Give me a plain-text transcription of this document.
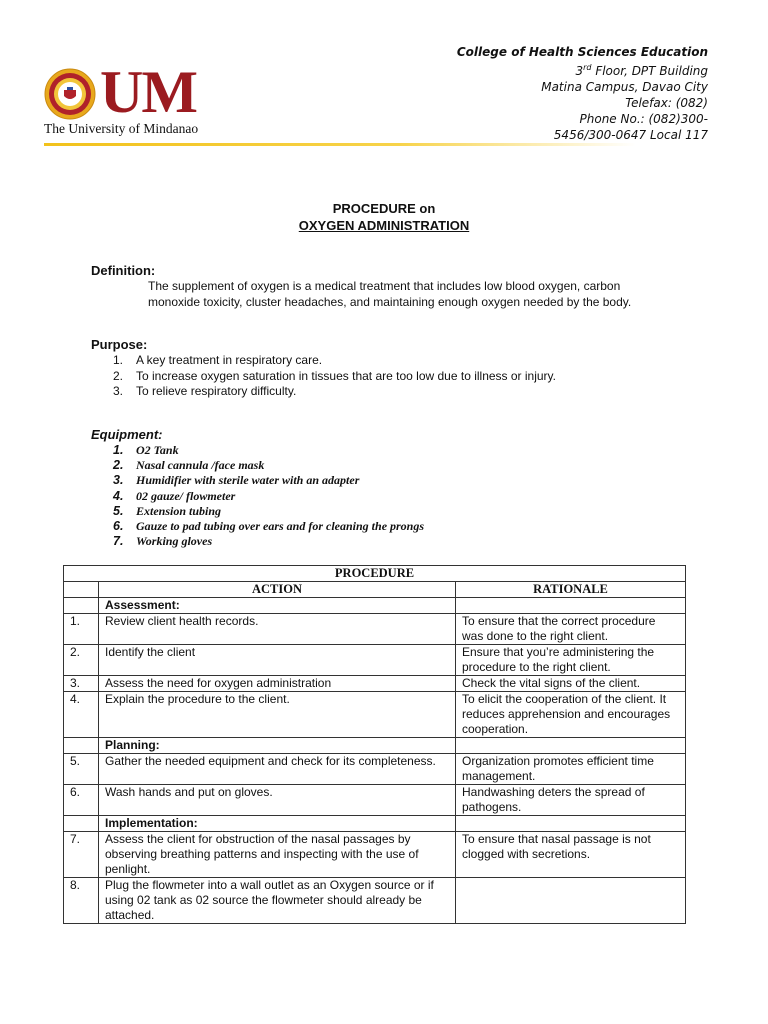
UM
The University of Mindanao
College of Health Sciences Education
3rd Floor, DPT Building
Matina Campus, Davao City
Telefax: (082)
Phone No.: (082)300-
5456/300-0647 Local 117
PROCEDURE on
OXYGEN ADMINISTRATION
Definition:
The supplement of oxygen is a medical treatment that includes low blood oxygen, carbon monoxide toxicity, cluster headaches, and maintaining enough oxygen needed by the body.
Purpose:
1.	A key treatment in respiratory care.
2.	To increase oxygen saturation in tissues that are too low due to illness or injury.
3.	To relieve respiratory difficulty.
Equipment:
1.	O2 Tank
2.	Nasal cannula /face mask
3.	Humidifier with sterile water with an adapter
4.	02 gauze/ flowmeter
5.	Extension tubing
6.	Gauze to pad tubing over ears and for cleaning the prongs
7.	Working gloves
PROCEDURE		
	ACTION	RATIONALE
	Assessment:	
1.	Review client health records.	To ensure that the correct procedure was done to the right client.
2.	Identify the client	Ensure that you’re administering the procedure to the right client.
3.	Assess the need for oxygen administration	Check the vital signs of the client.
4.	Explain the procedure to the client.	To elicit the cooperation of the client. It reduces apprehension and encourages cooperation.
	Planning:	
5.	Gather the needed equipment and check for its completeness.	Organization promotes efficient time management.
6.	Wash hands and put on gloves.	Handwashing deters the spread of pathogens.
	Implementation:	
7.	Assess the client for obstruction of the nasal passages by observing breathing patterns and inspecting with the use of penlight.	To ensure that nasal passage is not clogged with secretions.
8.	Plug the flowmeter into a wall outlet as an Oxygen source or if using 02 tank as 02 source the flowmeter should already be attached.	
